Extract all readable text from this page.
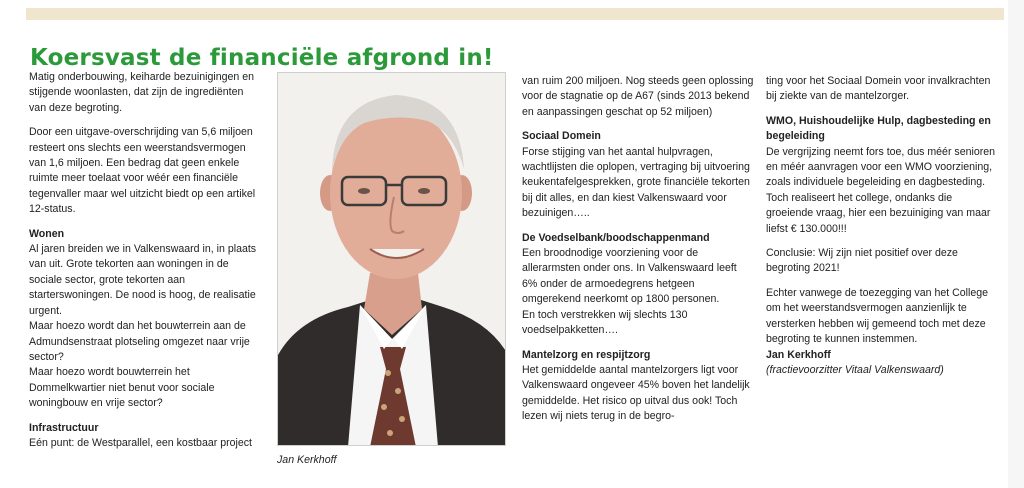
Koersvast de financiële afgrond in!

Matig onderbouwing, keiharde bezuinigingen en stijgende woonlasten, dat zijn de ingrediënten van deze begroting.

Door een uitgave-overschrijding van 5,6 miljoen resteert ons slechts een weerstandsvermogen van 1,6 miljoen. Een bedrag dat geen enkele ruimte meer toelaat voor wéér een financiële tegenvaller maar wel uitzicht biedt op een artikel 12-status.

Wonen

Al jaren breiden we in Valkenswaard in, in plaats van uit. Grote tekorten aan woningen in de sociale sector, grote tekorten aan starterswoningen. De nood is hoog, de realisatie urgent.

Maar hoezo wordt dan het bouwterrein aan de Admundsenstraat plotseling omgezet naar vrije sector?

Maar hoezo wordt bouwterrein het Dommelkwartier niet benut voor sociale woningbouw en vrije sector?

Infrastructuur

Eén punt: de Westparallel, een kostbaar project

Jan Kerkhoff

van ruim 200 miljoen. Nog steeds geen oplossing voor de stagnatie op de A67 (sinds 2013 bekend en aanpassingen geschat op 52 miljoen)

Sociaal Domein

Forse stijging van het aantal hulpvragen, wachtlijsten die oplopen, vertraging bij uitvoering keukentafelgesprekken, grote financiële tekorten bij dit alles, en dan kiest Valkenswaard voor bezuinigen…..

De Voedselbank/boodschappenmand

Een broodnodige voorziening voor de allerarmsten onder ons. In Valkenswaard leeft 6% onder de armoedegrens hetgeen omgerekend neerkomt op 1800 personen.

En toch verstrekken wij slechts 130 voedselpakketten….

Mantelzorg en respijtzorg

Het gemiddelde aantal mantelzorgers ligt voor Valkenswaard ongeveer 45% boven het landelijk gemiddelde. Het risico op uitval dus ook! Toch lezen wij niets terug in de begro-

ting voor het Sociaal Domein voor invalkrachten bij ziekte van de mantelzorger.

WMO, Huishoudelijke Hulp, dagbesteding en begeleiding

De vergrijzing neemt fors toe, dus méér senioren en méér aanvragen voor een WMO voorziening, zoals individuele begeleiding en dagbesteding.

Toch realiseert het college, ondanks die groeiende vraag, hier een bezuiniging van maar liefst € 130.000!!!

Conclusie: Wij zijn niet positief over deze begroting 2021!

Echter vanwege de toezegging van het College om het weerstandsvermogen aanzienlijk te versterken hebben wij gemeend toch met deze begroting te kunnen instemmen.

Jan Kerkhoff

(fractievoorzitter Vitaal Valkenswaard)
